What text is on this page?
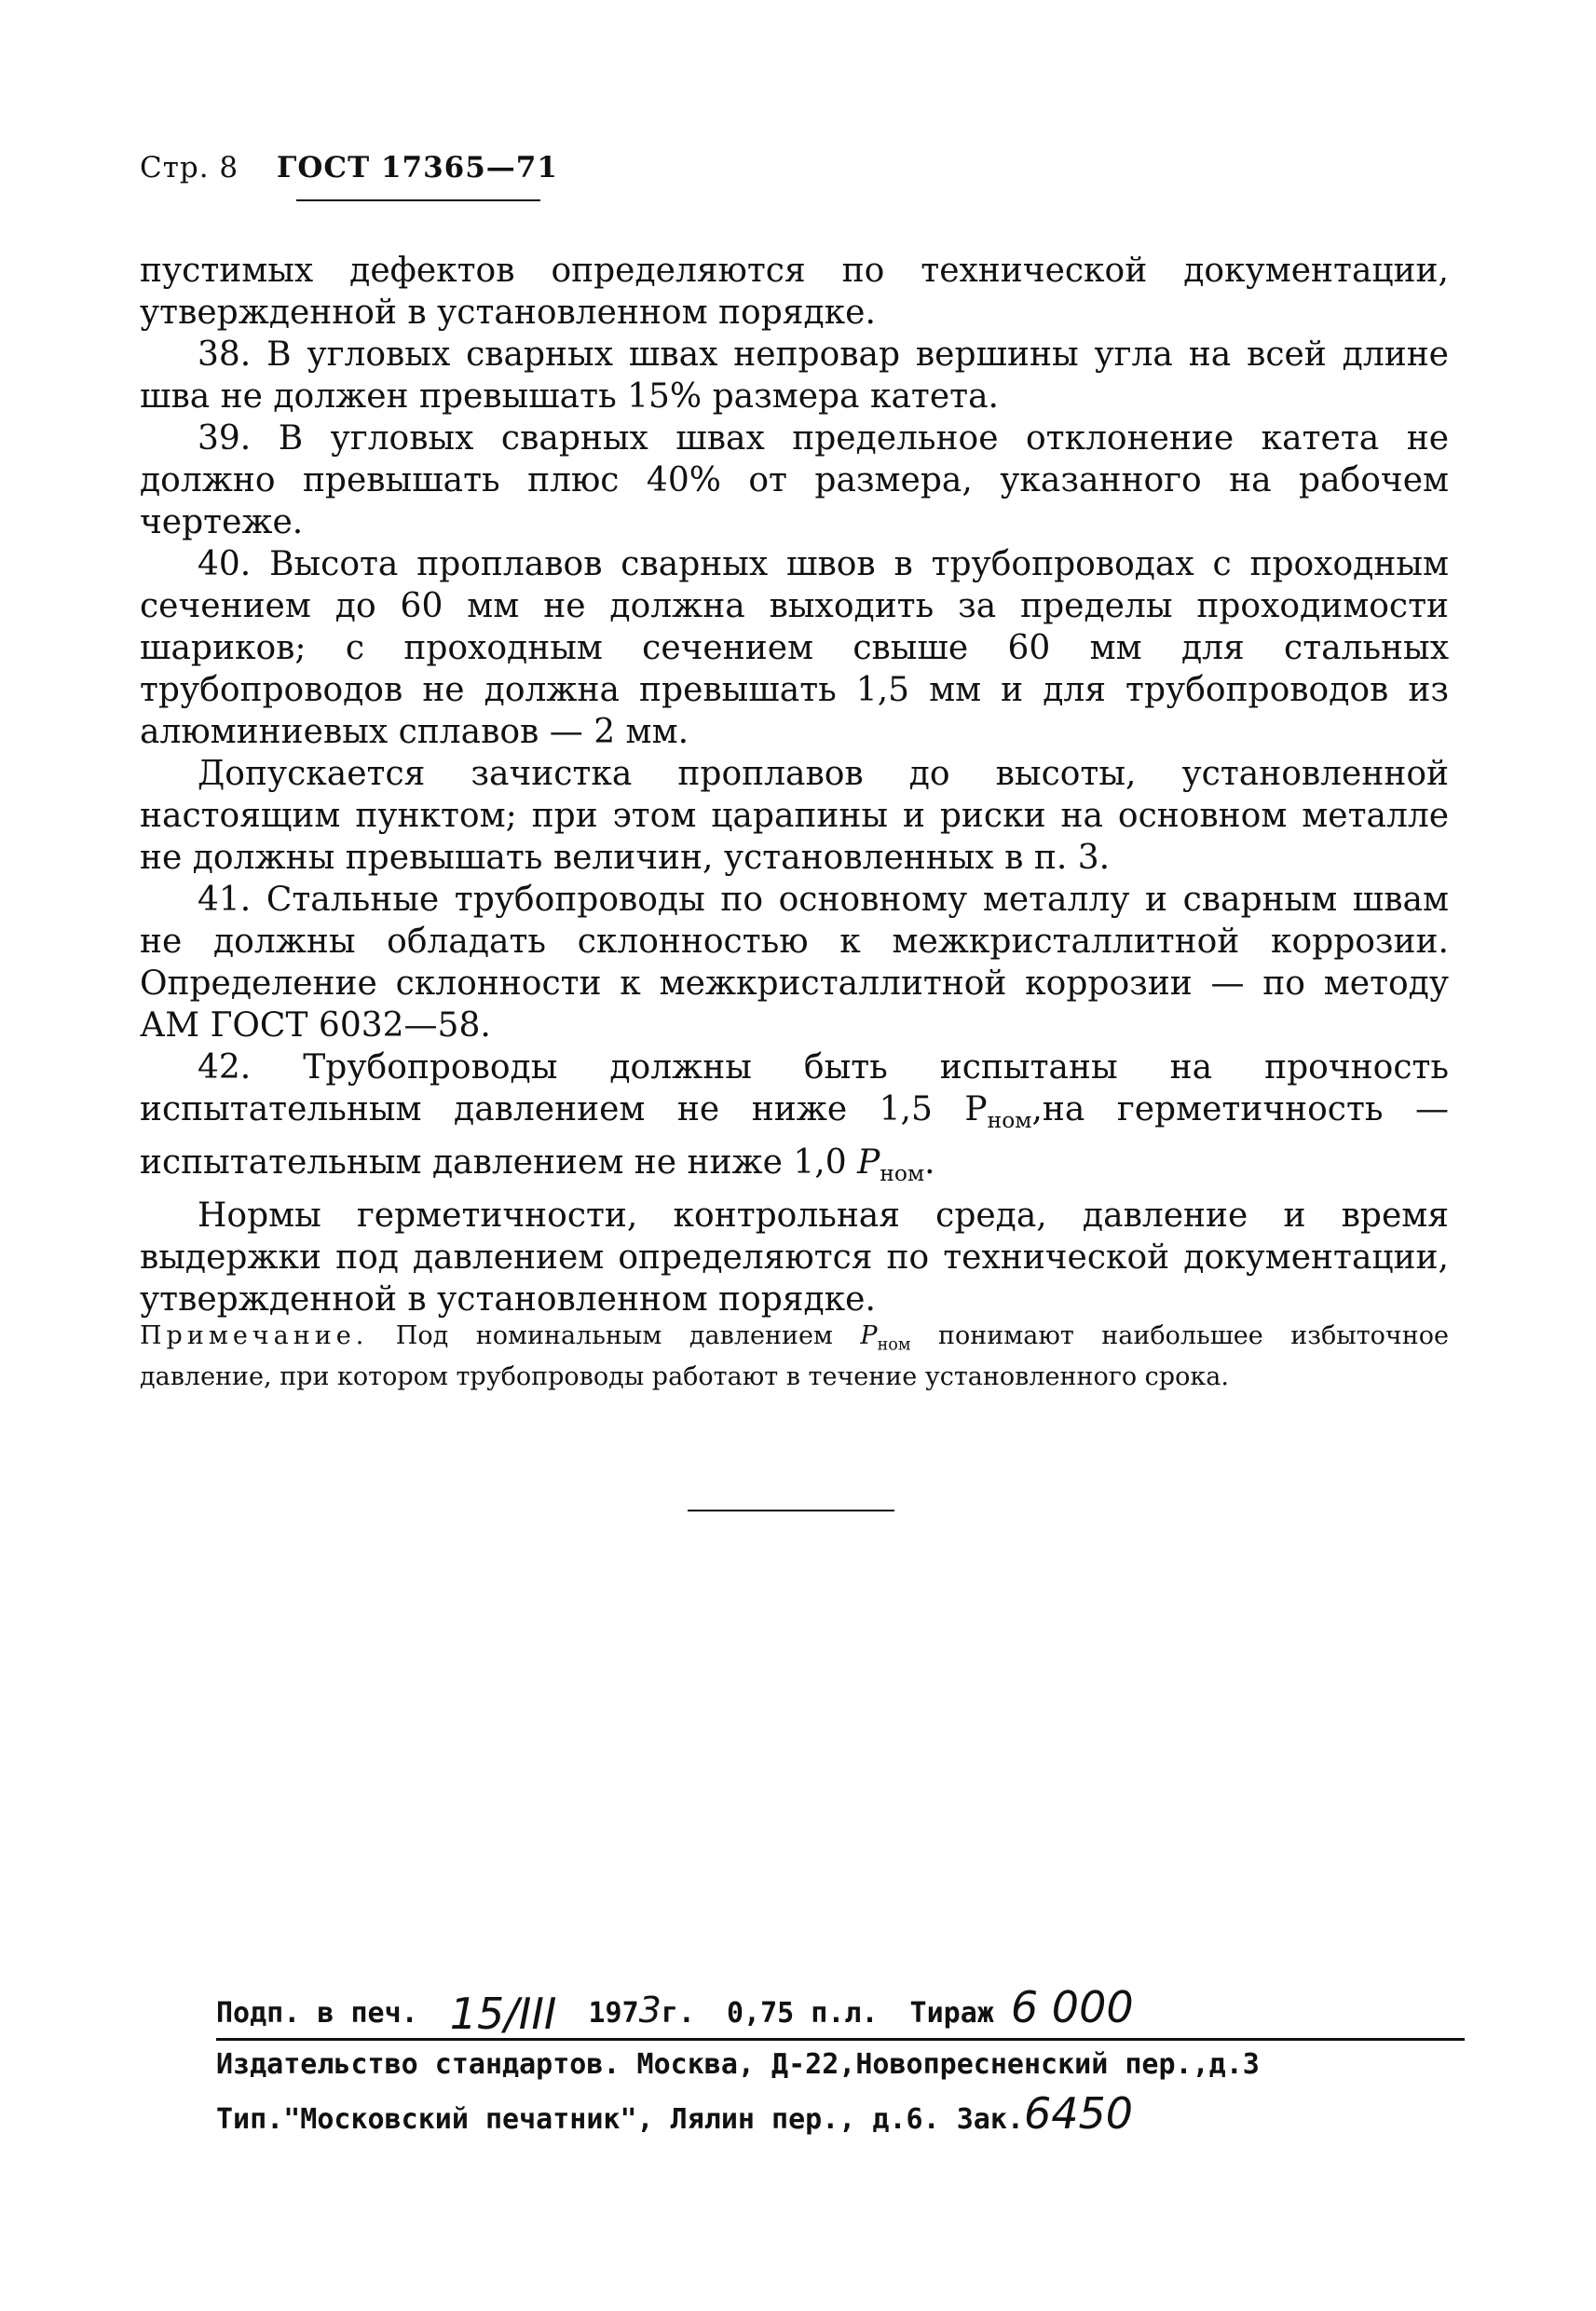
Стр. 8 ГОСТ 17365—71

пустимых дефектов определяются по технической документации, утвержденной в установленном порядке.

38. В угловых сварных швах непровар вершины угла на всей длине шва не должен превышать 15% размера катета.

39. В угловых сварных швах предельное отклонение катета не должно превышать плюс 40% от размера, указанного на рабочем чертеже.

40. Высота проплавов сварных швов в трубопроводах с проходным сечением до 60 мм не должна выходить за пределы проходимости шариков; с проходным сечением свыше 60 мм для стальных трубопроводов не должна превышать 1,5 мм и для трубопроводов из алюминиевых сплавов — 2 мм.

Допускается зачистка проплавов до высоты, установленной настоящим пунктом; при этом царапины и риски на основном металле не должны превышать величин, установленных в п. 3.

41. Стальные трубопроводы по основному металлу и сварным швам не должны обладать склонностью к межкристаллитной коррозии. Определение склонности к межкристаллитной коррозии — по методу АМ ГОСТ 6032—58.

42. Трубопроводы должны быть испытаны на прочность испытательным давлением не ниже 1,5 $Р_{ном},на$ герметичность — испытательным давлением не ниже 1,0 $Р_{ном}$.

Нормы герметичности, контрольная среда, давление и время выдержки под давлением определяются по технической документации, утвержденной в установленном порядке.

Примечание. Под номинальным давлением $Р_{ном}$ понимают наибольшее избыточное давление, при котором трубопроводы работают в течение установленного срока.

Подп. в печ. 15/III 1973г. 0,75 п.л. Тираж 6 000
Издательство стандартов. Москва, Д-22,Новопресненский пер.,д.3
Тип."Московский печатник", Лялин пер., д.6. Зак.6450
